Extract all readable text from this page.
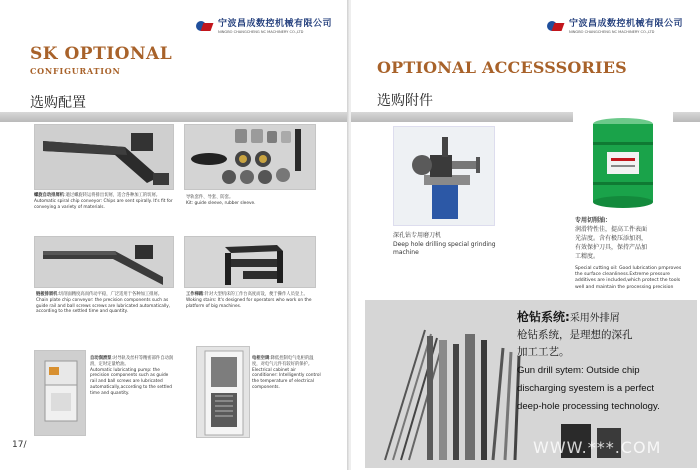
宁波昌成数控机械有限公司
NINGBO CHANGCHENG NC MACHINERY CO.,LTD
SK OPTIONAL
CONFIGURATION
选购配置
螺旋自动排屑机:適过螺旋转运将排出切屑，适合各种加工的切屑。
Automatic spiral chip conveyor: Chips are sent spirally. It's fit for conveying a variety of materials.
导轨套件、导套、防套。
Kit: guide sleeve, rubber sleeve.
链板排屑机:切削面精度高而传动平稳，广泛适用于各种加工排屑。
Chain plate chip conveyor: the precision components such as guide rail and ball screws screws are lubricated automatically, according to the settled time and quantity.
工作梯踏:针对大型机床的工作台高度而设，便于操作人员登上。
Woking stairs: It's designed for operators who work on the platform of big machines.
自动润滑泵:对导轨及丝杆等精密部件自动润滑，定时定量给油。
Automatic lubricating pump: the precision components such as guide rail and ball screws are lubricated automatically,according to the settled time and quantity.
电柜空调:降低控制电气电柜的温度，对电气元件有较好的保护。
Electrical cabinet air conditioner: Intelligently control the temperature of electrical components.
17/
宁波昌成数控机械有限公司
NINGBO CHANGCHENG NC MACHINERY CO.,LTD
OPTIONAL ACCESSSORIES
选购附件
深孔钻专用磨刀机
Deep hole drilling special grinding machine
专用切削油：
润滑特性佳，提高工件表面
光洁度。含有极压添加剂，
有效保护刀具，保持产品加
工精度。
Special cutting oil: Good lubrication pmproves the surface cleanliness.Extreme pressure additives are included,which protect the tools well and maintain the processing precision
枪钻系统:采用外排屑
枪钻系统，是理想的深孔
加工工艺。
Gun drill sytem: Outside chip
discharging syestem is a perfect
deep-hole processing technology.
WWW.***.COM
